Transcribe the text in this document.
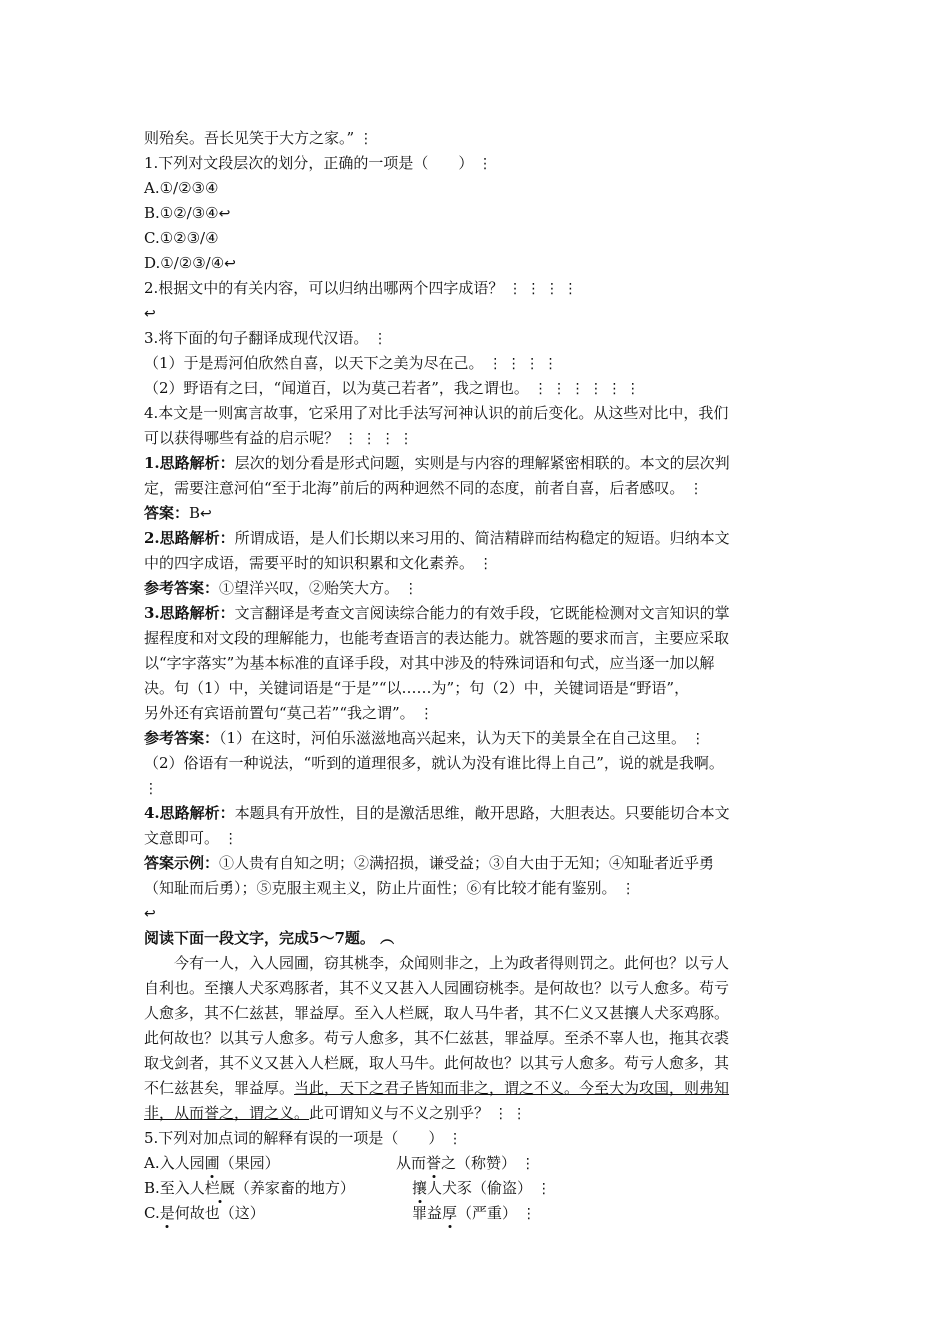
则殆矣。吾长见笑于大方之家。” ⋮
1.下列对文段层次的划分，正确的一项是（　　） ⋮
A.①/②③④
B.①②/③④↩
C.①②③/④
D.①/②③/④↩
2.根据文中的有关内容，可以归纳出哪两个四字成语？ ⋮ ⋮ ⋮ ⋮
↩
3.将下面的句子翻译成现代汉语。 ⋮
（1）于是焉河伯欣然自喜，以天下之美为尽在己。 ⋮ ⋮ ⋮ ⋮
（2）野语有之曰，“闻道百，以为莫己若者”，我之谓也。 ⋮ ⋮ ⋮ ⋮ ⋮ ⋮
4.本文是一则寓言故事，它采用了对比手法写河神认识的前后变化。从这些对比中，我们
可以获得哪些有益的启示呢？ ⋮ ⋮ ⋮ ⋮
1.思路解析：层次的划分看是形式问题，实则是与内容的理解紧密相联的。本文的层次判
定，需要注意河伯“至于北海”前后的两种迥然不同的态度，前者自喜，后者感叹。 ⋮
答案：B↩
2.思路解析：所谓成语，是人们长期以来习用的、简洁精辟而结构稳定的短语。归纳本文
中的四字成语，需要平时的知识积累和文化素养。 ⋮
参考答案：①望洋兴叹，②贻笑大方。 ⋮
3.思路解析：文言翻译是考查文言阅读综合能力的有效手段，它既能检测对文言知识的掌
握程度和对文段的理解能力，也能考查语言的表达能力。就答题的要求而言，主要应采取
以“字字落实”为基本标准的直译手段，对其中涉及的特殊词语和句式，应当逐一加以解
决。句（1）中，关键词语是“于是”“以……为”；句（2）中，关键词语是“野语”，
另外还有宾语前置句“莫己若”“我之谓”。 ⋮
参考答案：（1）在这时，河伯乐滋滋地高兴起来，认为天下的美景全在自己这里。 ⋮
（2）俗语有一种说法，“听到的道理很多，就认为没有谁比得上自己”，说的就是我啊。
⋮
4.思路解析：本题具有开放性，目的是激活思维，敞开思路，大胆表达。只要能切合本文
文意即可。 ⋮
答案示例：①人贵有自知之明；②满招损，谦受益；③自大由于无知；④知耻者近乎勇
（知耻而后勇）；⑤克服主观主义，防止片面性；⑥有比较才能有鉴别。 ⋮
↩
阅读下面一段文字，完成5～7题。 ︵
今有一人，入人园圃，窃其桃李，众闻则非之，上为政者得则罚之。此何也？以亏人
自利也。至攘人犬豕鸡豚者，其不义又甚入人园圃窃桃李。是何故也？以亏人愈多。苟亏
人愈多，其不仁兹甚，罪益厚。至入人栏厩，取人马牛者，其不仁义又甚攘人犬豕鸡豚。
此何故也？以其亏人愈多。苟亏人愈多，其不仁兹甚，罪益厚。至杀不辜人也，拖其衣裘
取戈剑者，其不义又甚入人栏厩，取人马牛。此何故也？以其亏人愈多。苟亏人愈多，其
不仁兹甚矣，罪益厚。当此，天下之君子皆知而非之，谓之不义。今至大为攻国，则弗知
非，从而誉之，谓之义。此可谓知义与不义之别乎？ ⋮ ⋮
5.下列对加点词的解释有误的一项是（　　） ⋮
A.入人园圃（果园）	从而誉之（称赞） ⋮
B.至入人栏厩（养家畜的地方）	攘人犬豕（偷盗） ⋮
C.是何故也（这）	罪益厚（严重） ⋮
